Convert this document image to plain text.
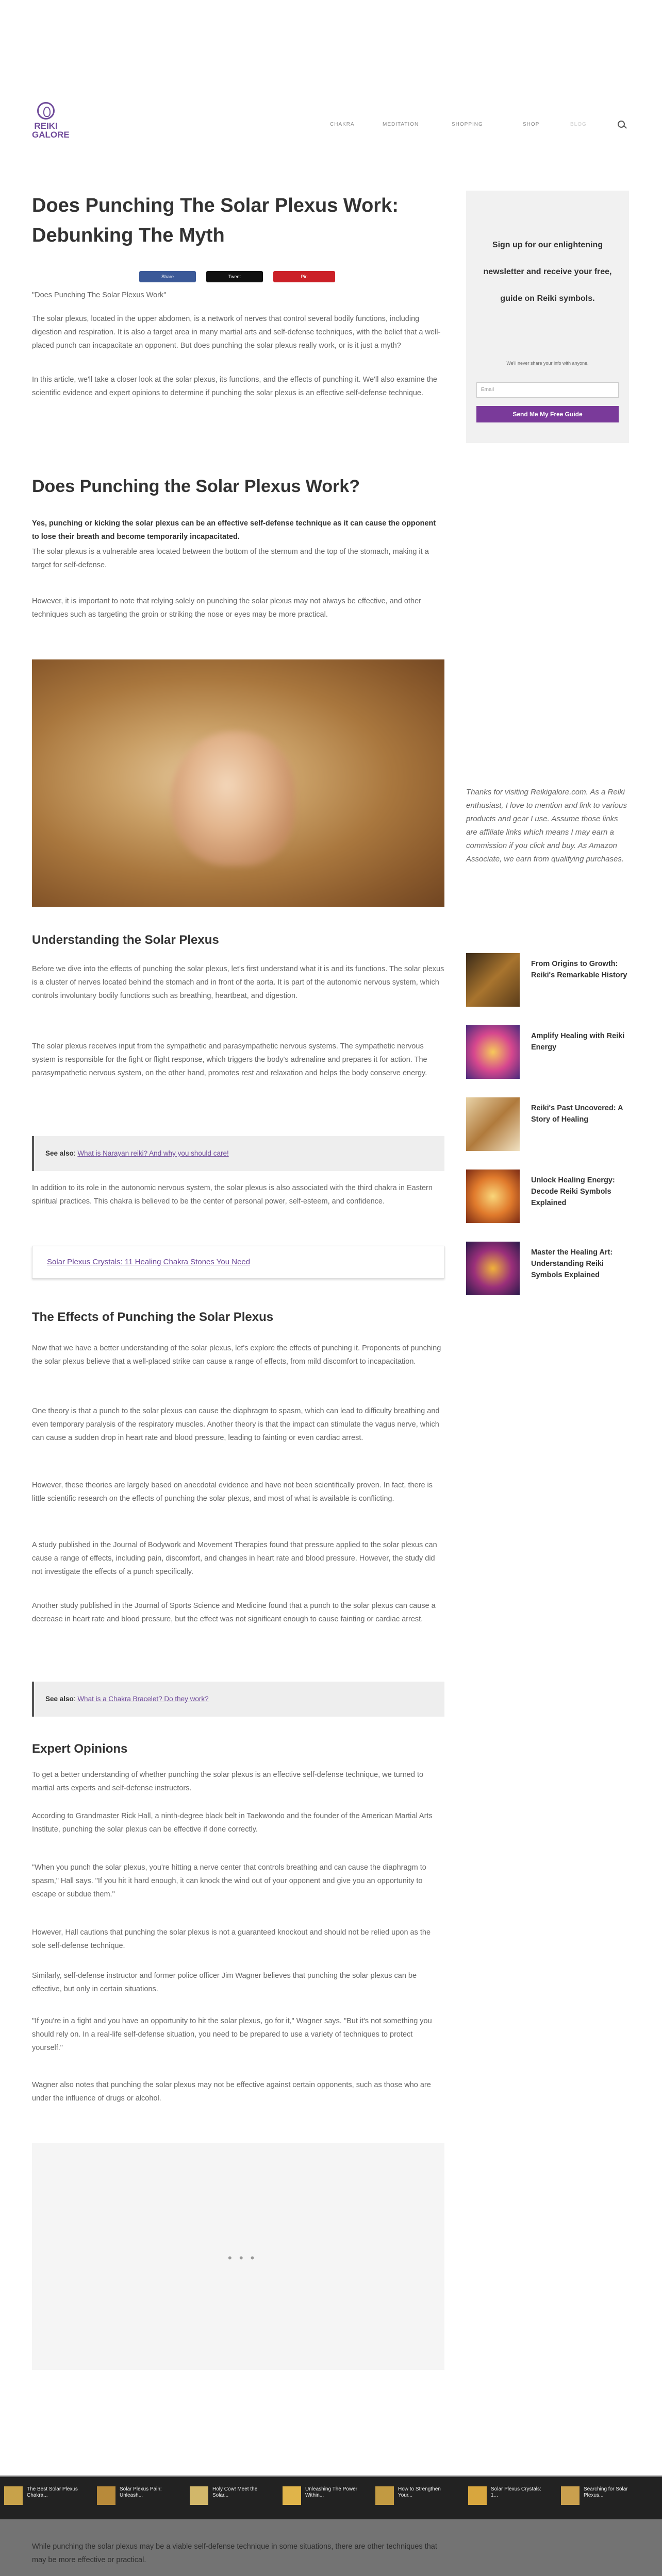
REIKI GALORE
CHAKRA	MEDITATION	SHOPPING	SHOP	BLOG
Does Punching The Solar Plexus Work: Debunking The Myth
Share	Tweet	Pin
"Does Punching The Solar Plexus Work"
The solar plexus, located in the upper abdomen, is a network of nerves that control several bodily functions, including digestion and respiration. It is also a target area in many martial arts and self-defense techniques, with the belief that a well-placed punch can incapacitate an opponent. But does punching the solar plexus really work, or is it just a myth?
In this article, we'll take a closer look at the solar plexus, its functions, and the effects of punching it. We'll also examine the scientific evidence and expert opinions to determine if punching the solar plexus is an effective self-defense technique.
Does Punching the Solar Plexus Work?
Yes, punching or kicking the solar plexus can be an effective self-defense technique as it can cause the opponent to lose their breath and become temporarily incapacitated.
The solar plexus is a vulnerable area located between the bottom of the sternum and the top of the stomach, making it a target for self-defense.
However, it is important to note that relying solely on punching the solar plexus may not always be effective, and other techniques such as targeting the groin or striking the nose or eyes may be more practical.
Understanding the Solar Plexus
Before we dive into the effects of punching the solar plexus, let's first understand what it is and its functions. The solar plexus is a cluster of nerves located behind the stomach and in front of the aorta. It is part of the autonomic nervous system, which controls involuntary bodily functions such as breathing, heartbeat, and digestion.
The solar plexus receives input from the sympathetic and parasympathetic nervous systems. The sympathetic nervous system is responsible for the fight or flight response, which triggers the body's adrenaline and prepares it for action. The parasympathetic nervous system, on the other hand, promotes rest and relaxation and helps the body conserve energy.
See also: What is Narayan reiki? And why you should care!
In addition to its role in the autonomic nervous system, the solar plexus is also associated with the third chakra in Eastern spiritual practices. This chakra is believed to be the center of personal power, self-esteem, and confidence.
Solar Plexus Crystals: 11 Healing Chakra Stones You Need
The Effects of Punching the Solar Plexus
Now that we have a better understanding of the solar plexus, let's explore the effects of punching it. Proponents of punching the solar plexus believe that a well-placed strike can cause a range of effects, from mild discomfort to incapacitation.
One theory is that a punch to the solar plexus can cause the diaphragm to spasm, which can lead to difficulty breathing and even temporary paralysis of the respiratory muscles. Another theory is that the impact can stimulate the vagus nerve, which can cause a sudden drop in heart rate and blood pressure, leading to fainting or even cardiac arrest.
However, these theories are largely based on anecdotal evidence and have not been scientifically proven. In fact, there is little scientific research on the effects of punching the solar plexus, and most of what is available is conflicting.
A study published in the Journal of Bodywork and Movement Therapies found that pressure applied to the solar plexus can cause a range of effects, including pain, discomfort, and changes in heart rate and blood pressure. However, the study did not investigate the effects of a punch specifically.
Another study published in the Journal of Sports Science and Medicine found that a punch to the solar plexus can cause a decrease in heart rate and blood pressure, but the effect was not significant enough to cause fainting or cardiac arrest.
See also: What is a Chakra Bracelet? Do they work?
Expert Opinions
To get a better understanding of whether punching the solar plexus is an effective self-defense technique, we turned to martial arts experts and self-defense instructors.
According to Grandmaster Rick Hall, a ninth-degree black belt in Taekwondo and the founder of the American Martial Arts Institute, punching the solar plexus can be effective if done correctly.
"When you punch the solar plexus, you're hitting a nerve center that controls breathing and can cause the diaphragm to spasm," Hall says. "If you hit it hard enough, it can knock the wind out of your opponent and give you an opportunity to escape or subdue them."
However, Hall cautions that punching the solar plexus is not a guaranteed knockout and should not be relied upon as the sole self-defense technique.
Similarly, self-defense instructor and former police officer Jim Wagner believes that punching the solar plexus can be effective, but only in certain situations.
"If you're in a fight and you have an opportunity to hit the solar plexus, go for it," Wagner says. "But it's not something you should rely on. In a real-life self-defense situation, you need to be prepared to use a variety of techniques to protect yourself."
Wagner also notes that punching the solar plexus may not be effective against certain opponents, such as those who are under the influence of drugs or alcohol.
• • •
Sign up for our enlightening newsletter and receive your free, guide on Reiki symbols.
We'll never share your info with anyone.
Email
Send Me My Free Guide
Thanks for visiting Reikigalore.com. As a Reiki enthusiast, I love to mention and link to various products and gear I use. Assume those links are affiliate links which means I may earn a commission if you click and buy. As Amazon Associate, we earn from qualifying purchases.
From Origins to Growth: Reiki's Remarkable History
Amplify Healing with Reiki Energy
Reiki's Past Uncovered: A Story of Healing
Unlock Healing Energy: Decode Reiki Symbols Explained
Master the Healing Art: Understanding Reiki Symbols Explained
The Best Solar Plexus Chakra...
Solar Plexus Pain: Unleash...
Holy Cow! Meet the Solar...
Unleashing The Power Within...
How to Strengthen Your...
Solar Plexus Crystals: 1...
Searching for Solar Plexus...
